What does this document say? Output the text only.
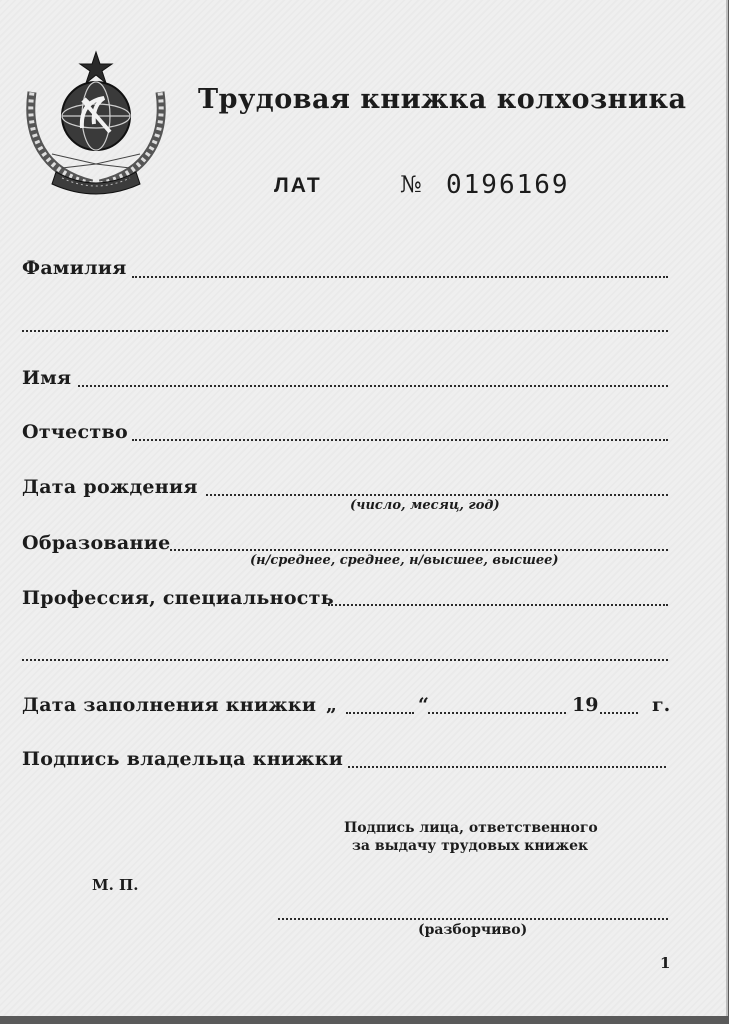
Трудовая книжка колхозника
ЛАТ	№ 0196169
Фамилия
Имя
Отчество
Дата рождения
(число, месяц, год)
Образование
(н/среднее, среднее, н/высшее, высшее)
Профессия, специальность
Дата заполнения книжки „	“	19	г.
Подпись владельца книжки
Подпись лица, ответственного
за выдачу трудовых книжек
М. П.
(разборчиво)
1
